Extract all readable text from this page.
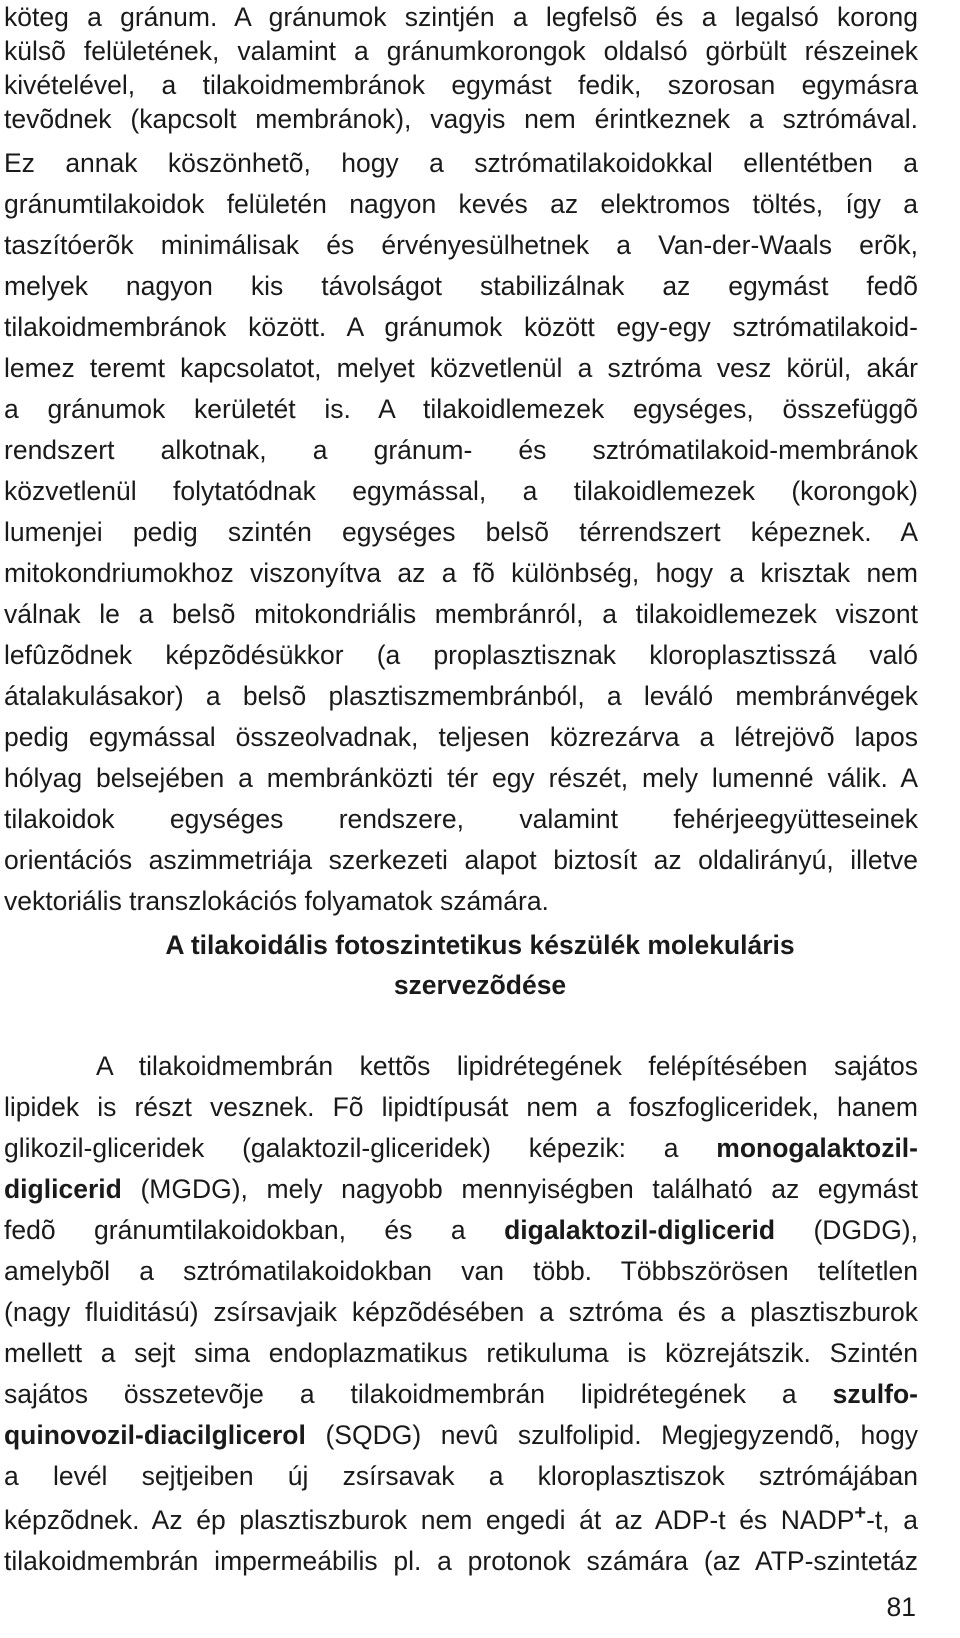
köteg a gránum. A gránumok szintjén a legfelsõ és a legalsó korong
külsõ felületének, valamint a gránumkorongok oldalsó görbült részeinek
kivételével, a tilakoidmembránok egymást fedik, szorosan egymásra
tevõdnek (kapcsolt membránok), vagyis nem érintkeznek a sztrómával.
Ez annak köszönhetõ, hogy a sztrómatilakoidokkal ellentétben a
gránumtilakoidok felületén nagyon kevés az elektromos töltés, így a
taszítóerõk minimálisak és érvényesülhetnek a Van-der-Waals erõk,
melyek nagyon kis távolságot stabilizálnak az egymást fedõ
tilakoidmembránok között. A gránumok között egy-egy sztrómatilakoid-
lemez teremt kapcsolatot, melyet közvetlenül a sztróma vesz körül, akár
a gránumok kerületét is. A tilakoidlemezek egységes, összefüggõ
rendszert alkotnak, a gránum- és sztrómatilakoid-membránok
közvetlenül folytatódnak egymással, a tilakoidlemezek (korongok)
lumenjei pedig szintén egységes belsõ térrendszert képeznek. A
mitokondriumokhoz viszonyítva az a fõ különbség, hogy a krisztak nem
válnak le a belsõ mitokondriális membránról, a tilakoidlemezek viszont
lefûzõdnek képzõdésükkor (a proplasztisznak kloroplasztisszá való
átalakulásakor) a belsõ plasztiszmembránból, a leváló membránvégek
pedig egymással összeolvadnak, teljesen közrezárva a létrejövõ lapos
hólyag belsejében a membránközti tér egy részét, mely lumenné válik. A
tilakoidok egységes rendszere, valamint fehérjeegyütteseinek
orientációs aszimmetriája szerkezeti alapot biztosít az oldalirányú, illetve
vektoriális transzlokációs folyamatok számára.
A tilakoidális fotoszintetikus készülék molekuláris
szervezõdése
A tilakoidmembrán kettõs lipidrétegének felépítésében sajátos
lipidek is részt vesznek. Fõ lipidtípusát nem a foszfogliceridek, hanem
glikozil-gliceridek (galaktozil-gliceridek) képezik: a monogalaktozil-
diglicerid (MGDG), mely nagyobb mennyiségben található az egymást
fedõ gránumtilakoidokban, és a digalaktozil-diglicerid (DGDG),
amelybõl a sztrómatilakoidokban van több. Többszörösen telítetlen
(nagy fluiditású) zsírsavjaik képzõdésében a sztróma és a plasztiszburok
mellett a sejt sima endoplazmatikus retikuluma is közrejátszik. Szintén
sajátos összetevõje a tilakoidmembrán lipidrétegének a szulfo-
quinovozil-diacilglicerol (SQDG) nevû szulfolipid. Megjegyzendõ, hogy
a levél sejtjeiben új zsírsavak a kloroplasztiszok sztrómájában
képzõdnek. Az ép plasztiszburok nem engedi át az ADP-t és NADP+-t, a
tilakoidmembrán impermeábilis pl. a protonok számára (az ATP-szintetáz
81
